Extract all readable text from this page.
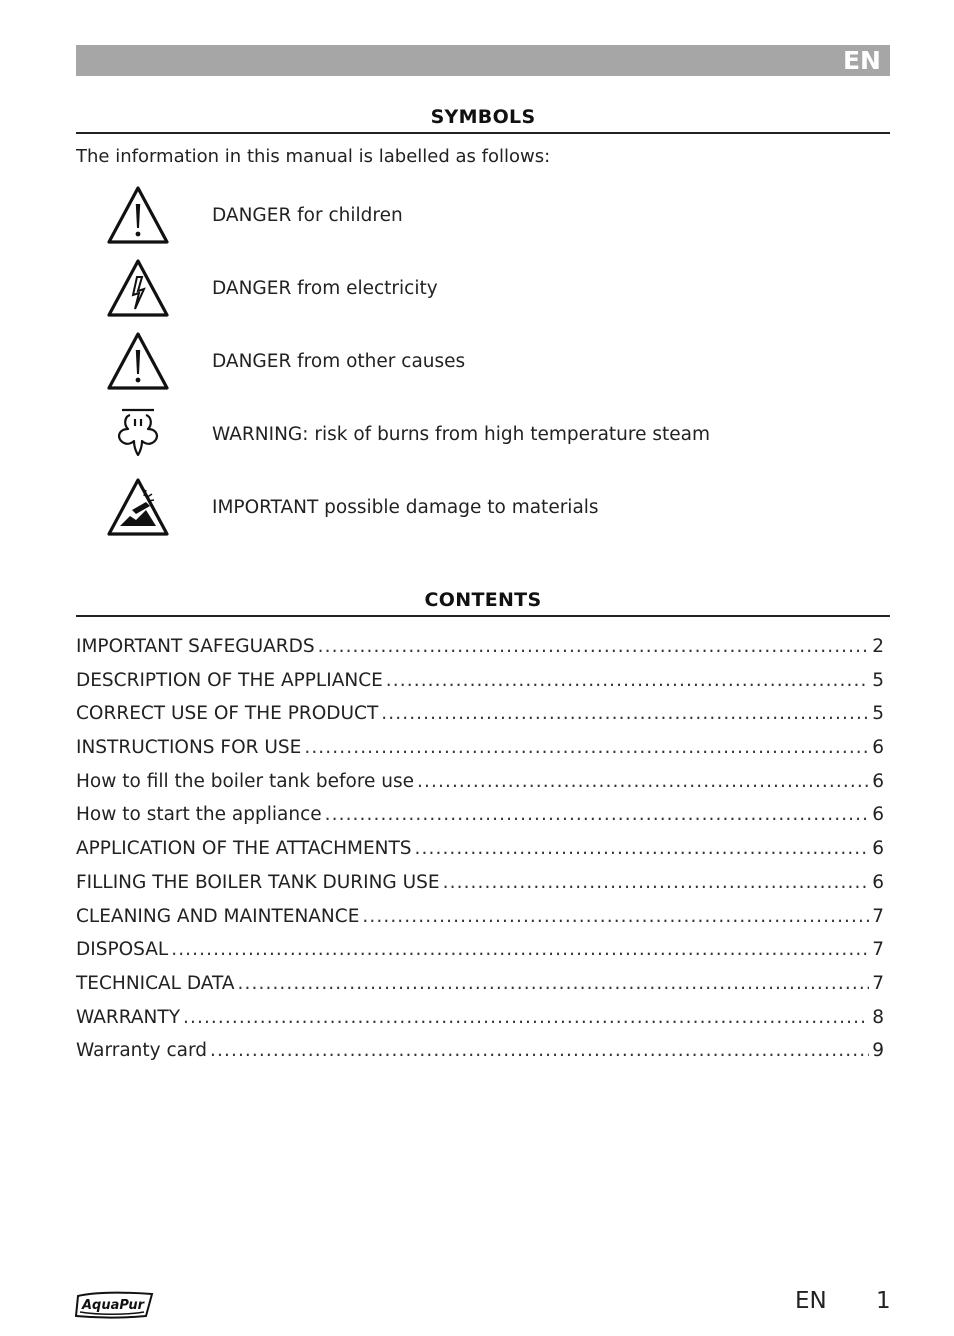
EN
SYMBOLS
The information in this manual is labelled as follows:
DANGER for children
DANGER from electricity
DANGER from other causes
WARNING: risk of burns from high temperature steam
IMPORTANT possible damage to materials
CONTENTS
IMPORTANT SAFEGUARDS .....	2
DESCRIPTION OF THE APPLIANCE .....	5
CORRECT USE OF THE PRODUCT .....	5
INSTRUCTIONS FOR USE .....	6
How to fill the boiler tank before use .....	6
How to start the appliance .....	6
APPLICATION OF THE ATTACHMENTS .....	6
FILLING THE BOILER TANK DURING USE .....	6
CLEANING AND MAINTENANCE .....	7
DISPOSAL .....	7
TECHNICAL DATA .....	7
WARRANTY .....	8
Warranty card .....	9
AquaPur	EN 1
